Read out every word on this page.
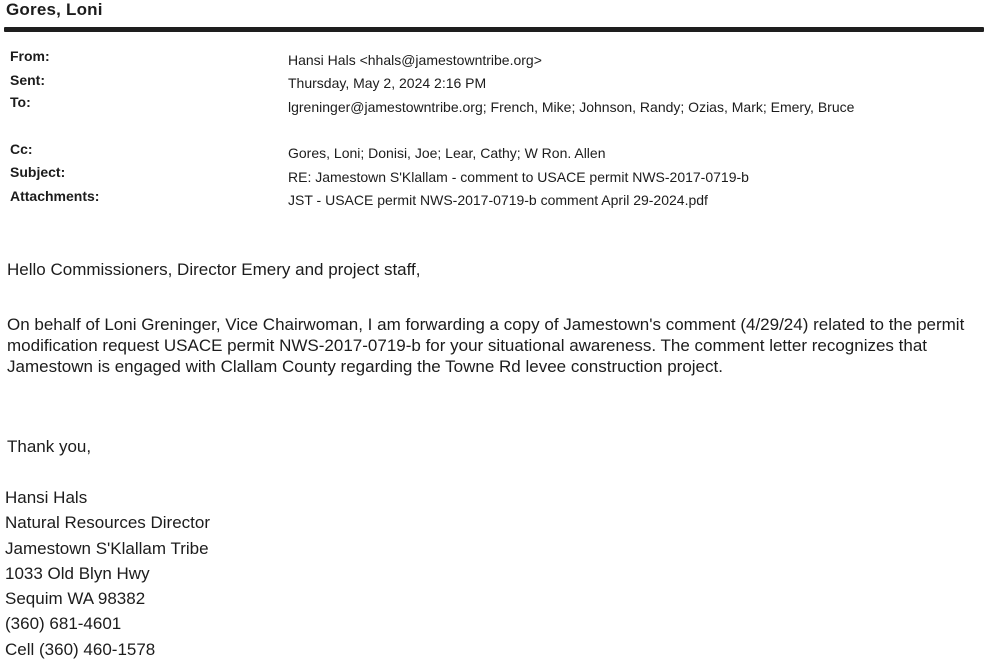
Gores, Loni
From:	Hansi Hals <hhals@jamestowntribe.org>
Sent:	Thursday, May 2, 2024 2:16 PM
To:	lgreninger@jamestowntribe.org; French, Mike; Johnson, Randy; Ozias, Mark; Emery, Bruce
Cc:	Gores, Loni; Donisi, Joe; Lear, Cathy; W Ron. Allen
Subject:	RE: Jamestown S'Klallam - comment to USACE permit NWS-2017-0719-b
Attachments:	JST - USACE permit NWS-2017-0719-b comment April 29-2024.pdf
Hello Commissioners, Director Emery and project staff,
On behalf of Loni Greninger, Vice Chairwoman, I am forwarding a copy of Jamestown's comment (4/29/24) related to the permit modification request USACE permit NWS-2017-0719-b for your situational awareness. The comment letter recognizes that Jamestown is engaged with Clallam County regarding the Towne Rd levee construction project.
Thank you,
Hansi Hals
Natural Resources Director
Jamestown S'Klallam Tribe
1033 Old Blyn Hwy
Sequim WA 98382
(360) 681-4601
Cell (360) 460-1578
